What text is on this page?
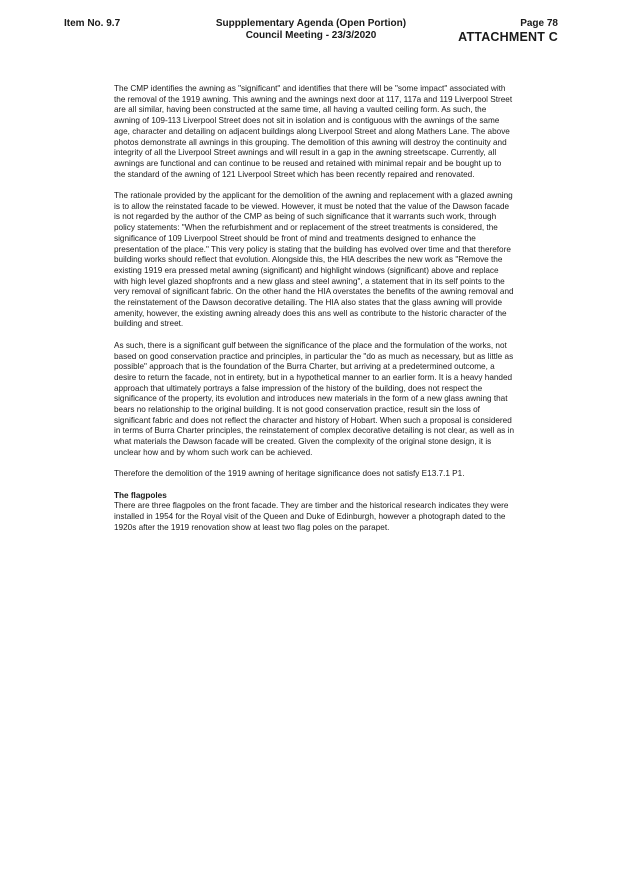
Item No. 9.7	Suppplementary Agenda (Open Portion)
Council Meeting - 23/3/2020
Page 78
ATTACHMENT C

The CMP identifies the awning as "significant" and identifies that there will be "some impact" associated with the removal of the 1919 awning. This awning and the awnings next door at 117, 117a and 119 Liverpool Street are all similar, having been constructed at the same time, all having a vaulted ceiling form. As such, the awning of 109-113 Liverpool Street does not sit in isolation and is contiguous with the awnings of the same age, character and detailing on adjacent buildings along Liverpool Street and along Mathers Lane. The above photos demonstrate all awnings in this grouping. The demolition of this awning will destroy the continuity and integrity of all the Liverpool Street awnings and will result in a gap in the awning streetscape. Currently, all awnings are functional and can continue to be reused and retained with minimal repair and be bought up to the standard of the awning of 121 Liverpool Street which has been recently repaired and renovated.

The rationale provided by the applicant for the demolition of the awning and replacement with a glazed awning is to allow the reinstated facade to be viewed. However, it must be noted that the value of the Dawson facade is not regarded by the author of the CMP as being of such significance that it warrants such work, through policy statements: "When the refurbishment and or replacement of the street treatments is considered, the significance of 109 Liverpool Street should be front of mind and treatments designed to enhance the presentation of the place." This very policy is stating that the building has evolved over time and that therefore building works should reflect that evolution. Alongside this, the HIA describes the new work as "Remove the existing 1919 era pressed metal awning (significant) and highlight windows (significant) above and replace with high level glazed shopfronts and a new glass and steel awning", a statement that in its self points to the very removal of significant fabric. On the other hand the HIA overstates the benefits of the awning removal and the reinstatement of the Dawson decorative detailing. The HIA also states that the glass awning will provide amenity, however, the existing awning already does this ans well as contribute to the historic character of the building and street.

As such, there is a significant gulf between the significance of the place and the formulation of the works, not based on good conservation practice and principles, in particular the "do as much as necessary, but as little as possible" approach that is the foundation of the Burra Charter, but arriving at a predetermined outcome, a desire to return the facade, not in entirety, but in a hypothetical manner to an earlier form. It is a heavy handed approach that ultimately portrays a false impression of the history of the building, does not respect the significance of the property, its evolution and introduces new materials in the form of a new glass awning that bears no relationship to the original building. It is not good conservation practice, result sin the loss of significant fabric and does not reflect the character and history of Hobart. When such a proposal is considered in terms of Burra Charter principles, the reinstatement of complex decorative detailing is not clear, as well as in what materials the Dawson facade will be created. Given the complexity of the original stone design, it is unclear how and by whom such work can be achieved.

Therefore the demolition of the 1919 awning of heritage significance does not satisfy E13.7.1 P1.

The flagpoles

There are three flagpoles on the front facade. They are timber and the historical research indicates they were installed in 1954 for the Royal visit of the Queen and Duke of Edinburgh, however a photograph dated to the 1920s after the 1919 renovation show at least two flag poles on the parapet.
